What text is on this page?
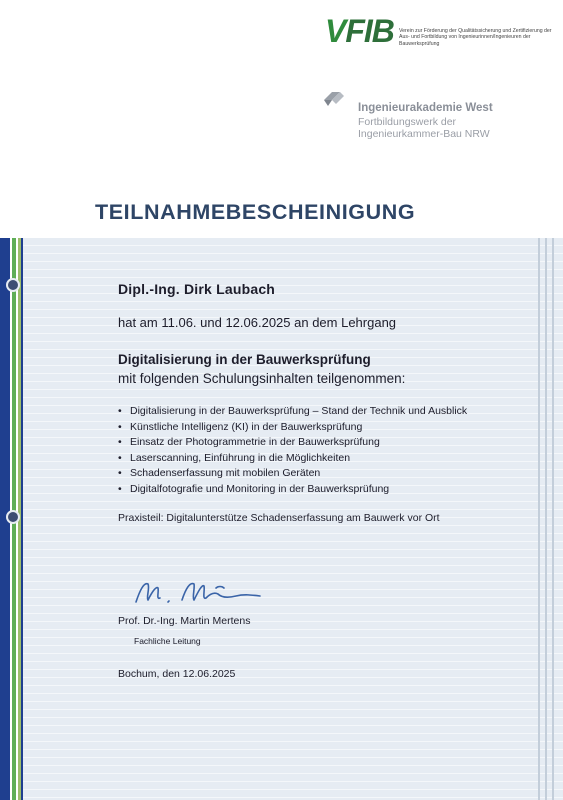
VFIB Verein zur Förderung der Qualitätssicherung und Zertifizierung der Aus- und Fortbildung von Ingenieurinnen/Ingenieuren der Bauwerksprüfung
Ingenieurakademie West
Fortbildungswerk der
Ingenieurkammer-Bau NRW
TEILNAHMEBESCHEINIGUNG
Dipl.-Ing. Dirk Laubach
hat am 11.06. und 12.06.2025 an dem Lehrgang
Digitalisierung in der Bauwerksprüfung
mit folgenden Schulungsinhalten teilgenommen:
• Digitalisierung in der Bauwerksprüfung – Stand der Technik und Ausblick
• Künstliche Intelligenz (KI) in der Bauwerksprüfung
• Einsatz der Photogrammetrie in der Bauwerksprüfung
• Laserscanning, Einführung in die Möglichkeiten
• Schadenserfassung mit mobilen Geräten
• Digitalfotografie und Monitoring in der Bauwerksprüfung
Praxisteil: Digitalunterstütze Schadenserfassung am Bauwerk vor Ort
Prof. Dr.-Ing. Martin Mertens
Fachliche Leitung
Bochum, den 12.06.2025
